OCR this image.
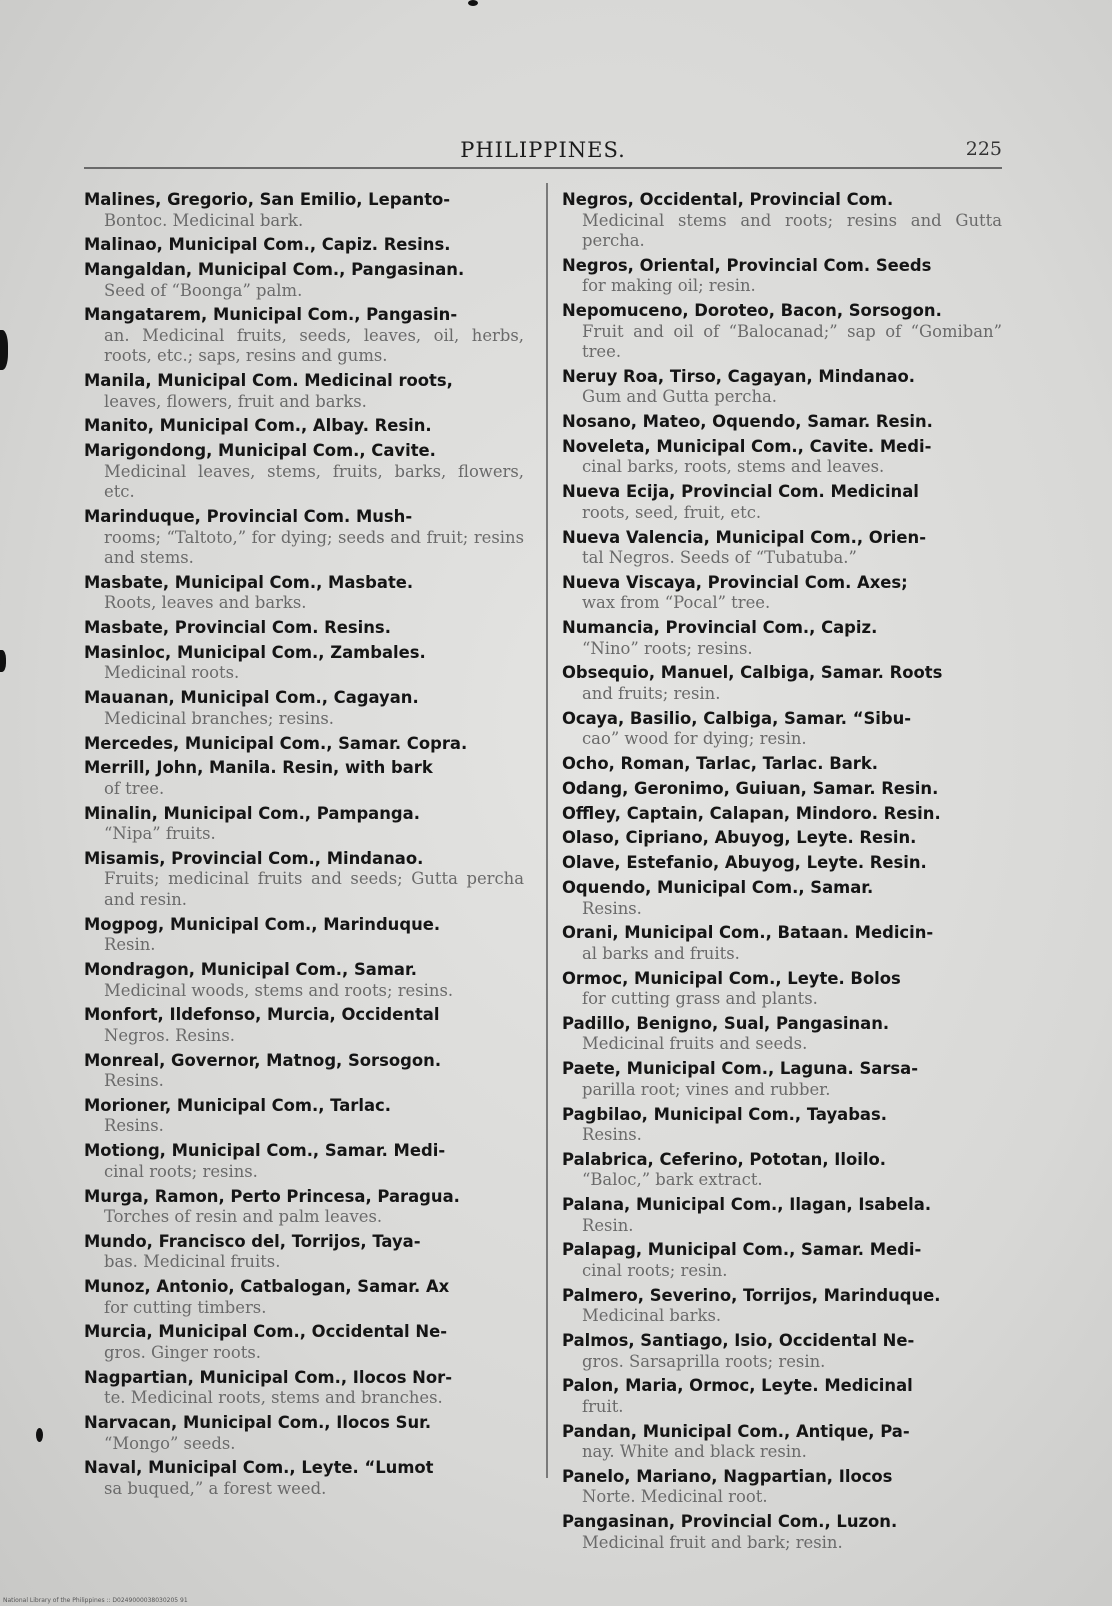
PHILIPPINES.	225
Malines, Gregorio, San Emilio, Lepanto-
Bontoc. Medicinal bark.
Malinao, Municipal Com., Capiz. Resins.
Mangaldan, Municipal Com., Pangasinan.
Seed of “Boonga” palm.
Mangatarem, Municipal Com., Pangasin-
an. Medicinal fruits, seeds, leaves, oil, herbs, roots, etc.; saps, resins and gums.
Manila, Municipal Com. Medicinal roots,
leaves, flowers, fruit and barks.
Manito, Municipal Com., Albay. Resin.
Marigondong, Municipal Com., Cavite.
Medicinal leaves, stems, fruits, barks, flowers, etc.
Marinduque, Provincial Com. Mush-
rooms; “Taltoto,” for dying; seeds and fruit; resins and stems.
Masbate, Municipal Com., Masbate.
Roots, leaves and barks.
Masbate, Provincial Com. Resins.
Masinloc, Municipal Com., Zambales.
Medicinal roots.
Mauanan, Municipal Com., Cagayan.
Medicinal branches; resins.
Mercedes, Municipal Com., Samar. Copra.
Merrill, John, Manila. Resin, with bark
of tree.
Minalin, Municipal Com., Pampanga.
“Nipa” fruits.
Misamis, Provincial Com., Mindanao.
Fruits; medicinal fruits and seeds; Gutta percha and resin.
Mogpog, Municipal Com., Marinduque.
Resin.
Mondragon, Municipal Com., Samar.
Medicinal woods, stems and roots; resins.
Monfort, Ildefonso, Murcia, Occidental
Negros. Resins.
Monreal, Governor, Matnog, Sorsogon.
Resins.
Morioner, Municipal Com., Tarlac.
Resins.
Motiong, Municipal Com., Samar. Medi-
cinal roots; resins.
Murga, Ramon, Perto Princesa, Paragua.
Torches of resin and palm leaves.
Mundo, Francisco del, Torrijos, Taya-
bas. Medicinal fruits.
Munoz, Antonio, Catbalogan, Samar. Ax
for cutting timbers.
Murcia, Municipal Com., Occidental Ne-
gros. Ginger roots.
Nagpartian, Municipal Com., Ilocos Nor-
te. Medicinal roots, stems and branches.
Narvacan, Municipal Com., Ilocos Sur.
“Mongo” seeds.
Naval, Municipal Com., Leyte. “Lumot
sa buqued,” a forest weed.
Negros, Occidental, Provincial Com.
Medicinal stems and roots; resins and Gutta percha.
Negros, Oriental, Provincial Com. Seeds
for making oil; resin.
Nepomuceno, Doroteo, Bacon, Sorsogon.
Fruit and oil of “Balocanad;” sap of “Gomiban” tree.
Neruy Roa, Tirso, Cagayan, Mindanao.
Gum and Gutta percha.
Nosano, Mateo, Oquendo, Samar. Resin.
Noveleta, Municipal Com., Cavite. Medi-
cinal barks, roots, stems and leaves.
Nueva Ecija, Provincial Com. Medicinal
roots, seed, fruit, etc.
Nueva Valencia, Municipal Com., Orien-
tal Negros. Seeds of “Tubatuba.”
Nueva Viscaya, Provincial Com. Axes;
wax from “Pocal” tree.
Numancia, Provincial Com., Capiz.
“Nino” roots; resins.
Obsequio, Manuel, Calbiga, Samar. Roots
and fruits; resin.
Ocaya, Basilio, Calbiga, Samar. “Sibu-
cao” wood for dying; resin.
Ocho, Roman, Tarlac, Tarlac. Bark.
Odang, Geronimo, Guiuan, Samar. Resin.
Offley, Captain, Calapan, Mindoro. Resin.
Olaso, Cipriano, Abuyog, Leyte. Resin.
Olave, Estefanio, Abuyog, Leyte. Resin.
Oquendo, Municipal Com., Samar.
Resins.
Orani, Municipal Com., Bataan. Medicin-
al barks and fruits.
Ormoc, Municipal Com., Leyte. Bolos
for cutting grass and plants.
Padillo, Benigno, Sual, Pangasinan.
Medicinal fruits and seeds.
Paete, Municipal Com., Laguna. Sarsa-
parilla root; vines and rubber.
Pagbilao, Municipal Com., Tayabas.
Resins.
Palabrica, Ceferino, Pototan, Iloilo.
“Baloc,” bark extract.
Palana, Municipal Com., Ilagan, Isabela.
Resin.
Palapag, Municipal Com., Samar. Medi-
cinal roots; resin.
Palmero, Severino, Torrijos, Marinduque.
Medicinal barks.
Palmos, Santiago, Isio, Occidental Ne-
gros. Sarsaprilla roots; resin.
Palon, Maria, Ormoc, Leyte. Medicinal
fruit.
Pandan, Municipal Com., Antique, Pa-
nay. White and black resin.
Panelo, Mariano, Nagpartian, Ilocos
Norte. Medicinal root.
Pangasinan, Provincial Com., Luzon.
Medicinal fruit and bark; resin.
National Library of the Philippines :: D0249000038030205 91
